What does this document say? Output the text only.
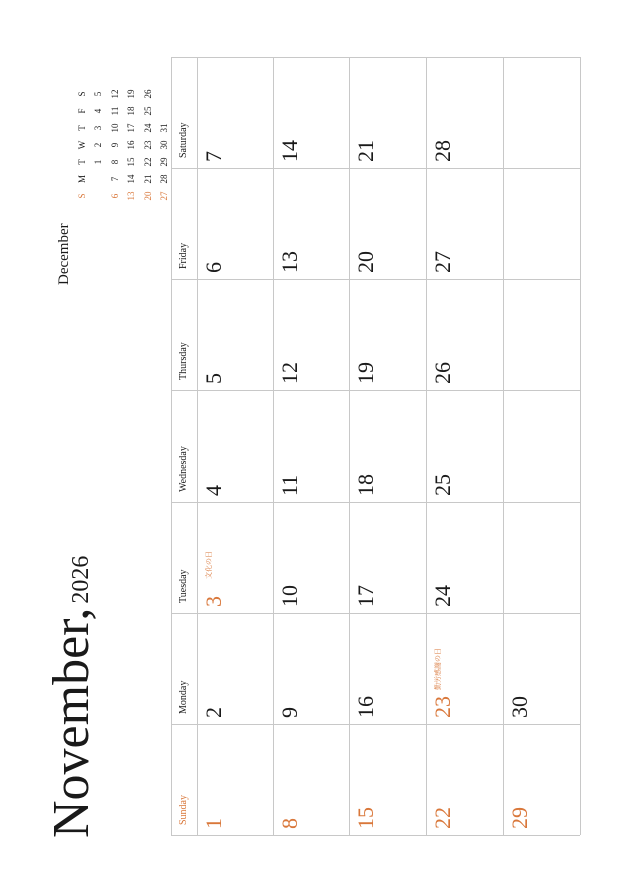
November,2026
December
S
M
T
W
T
F
S
1
2
3
4
5
6
7
8
9
10
11
12
13
14
15
16
17
18
19
20
21
22
23
24
25
26
27
28
29
30
31
Sunday
Monday
Tuesday
Wednesday
Thursday
Friday
Saturday
1
2
3
文化の日
4
5
6
7
8
9
10
11
12
13
14
15
16
17
18
19
20
21
22
23
勤労感謝の日
24
25
26
27
28
29
30
